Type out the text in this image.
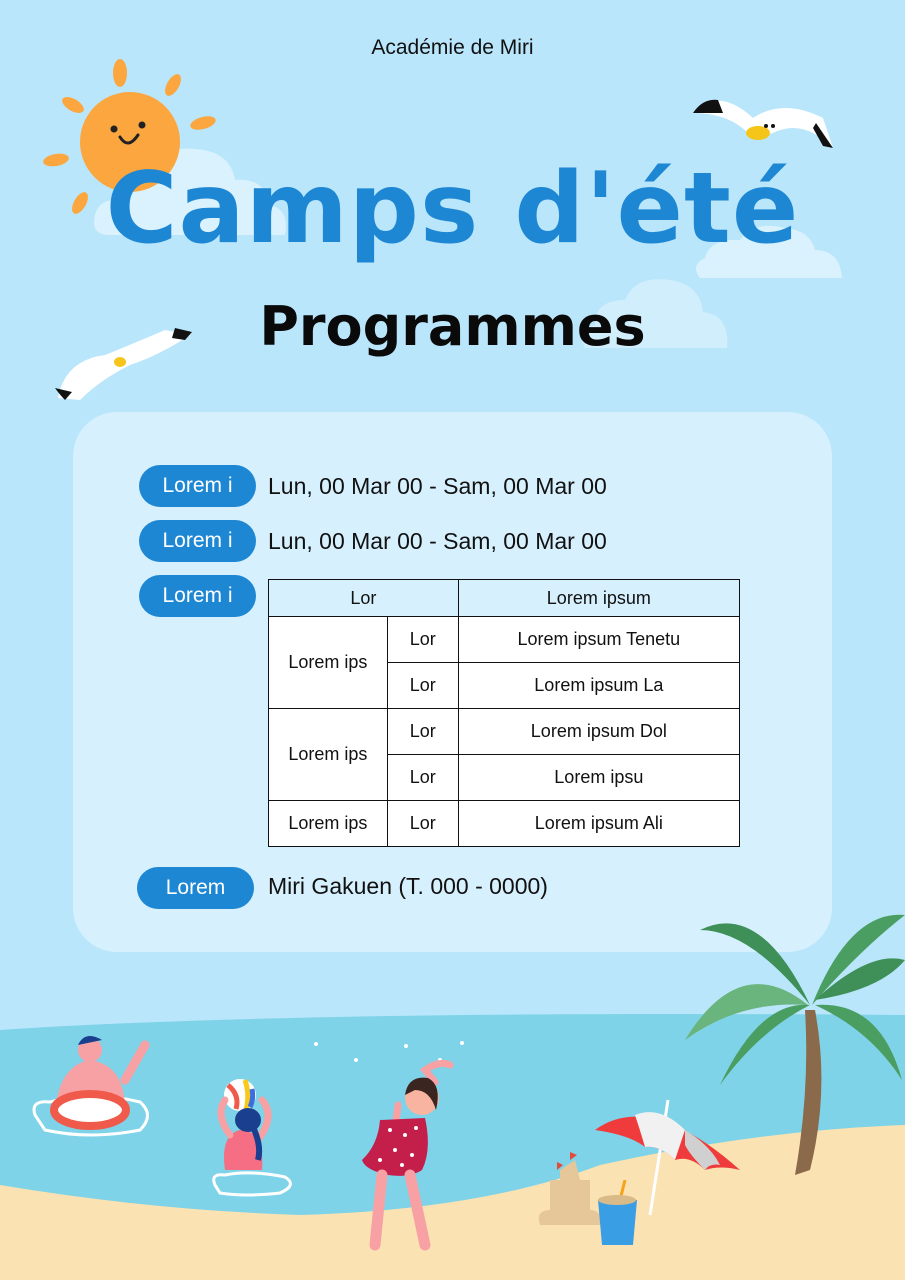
Académie de Miri
Camps d'été
Programmes
Lorem i	Lun, 00 Mar 00 - Sam, 00 Mar 00
Lorem i	Lun, 00 Mar 00 - Sam, 00 Mar 00
Lorem i	Lor		Lorem ipsum
Lorem ips	Lor	Lorem ipsum Tenetu
	Lor	Lorem ipsum La
Lorem ips	Lor	Lorem ipsum Dol
	Lor	Lorem ipsu
Lorem ips	Lor	Lorem ipsum Ali
Lorem	Miri Gakuen (T. 000 - 0000)
